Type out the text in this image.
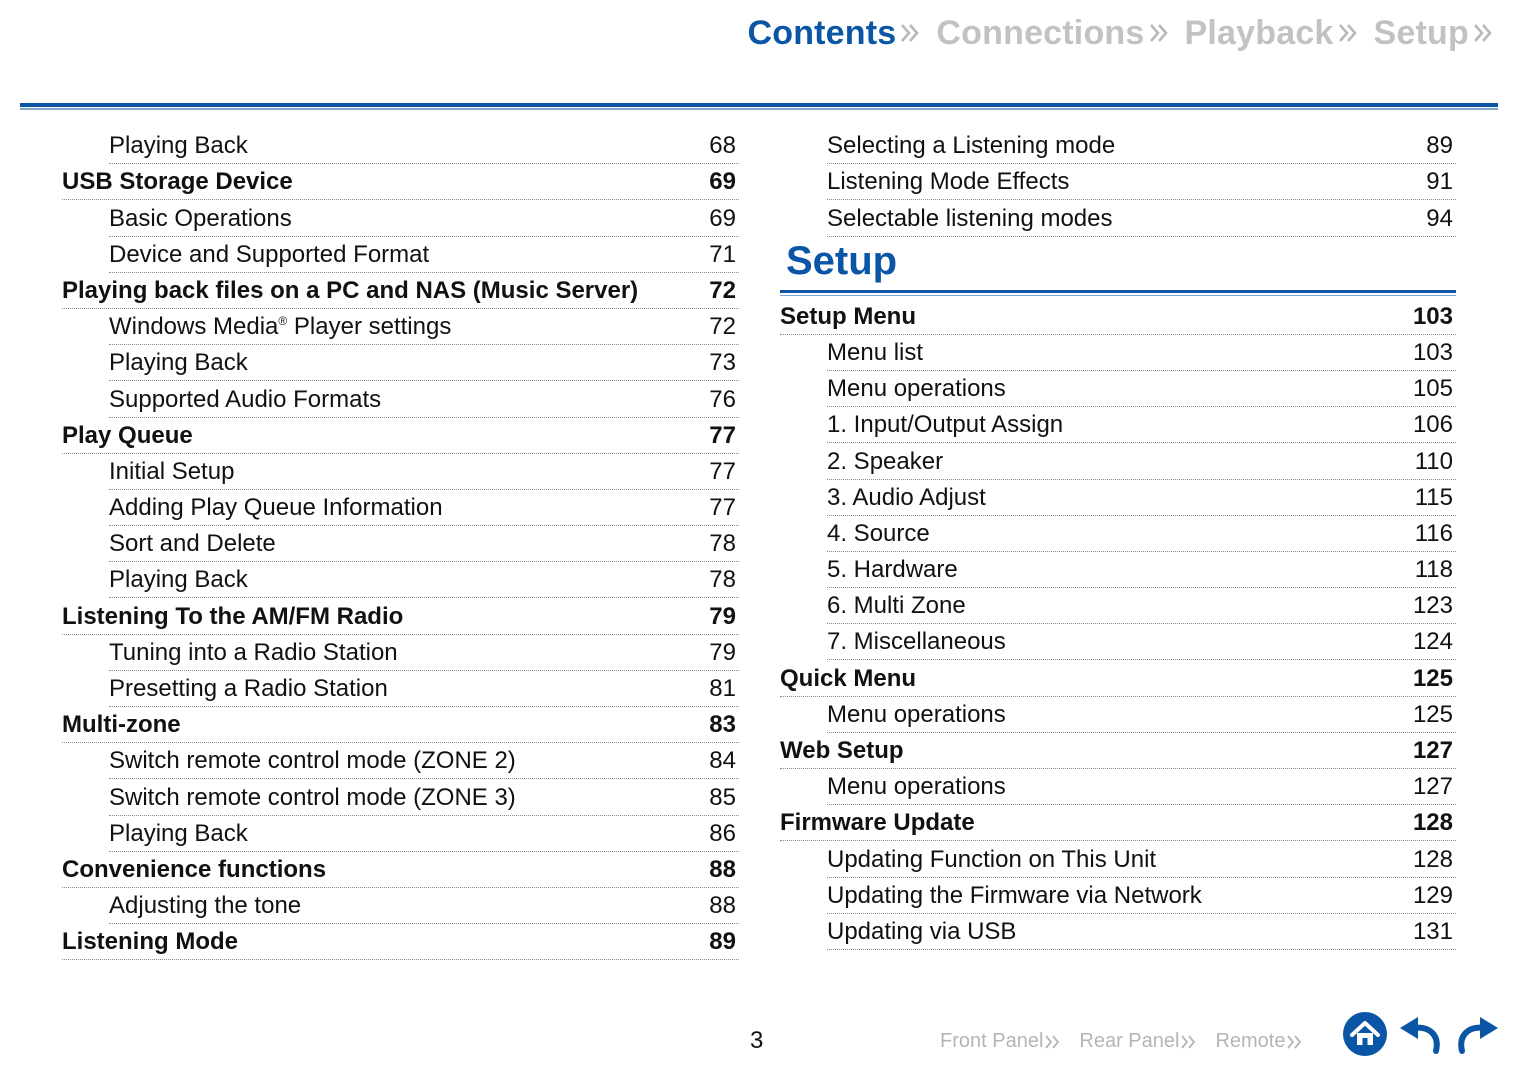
Contents Connections Playback Setup
Playing Back	68
USB Storage Device	69
Basic Operations	69
Device and Supported Format	71
Playing back files on a PC and NAS (Music Server)	72
Windows Media® Player settings	72
Playing Back	73
Supported Audio Formats	76
Play Queue	77
Initial Setup	77
Adding Play Queue Information	77
Sort and Delete	78
Playing Back	78
Listening To the AM/FM Radio	79
Tuning into a Radio Station	79
Presetting a Radio Station	81
Multi-zone	83
Switch remote control mode (ZONE 2)	84
Switch remote control mode (ZONE 3)	85
Playing Back	86
Convenience functions	88
Adjusting the tone	88
Listening Mode	89
Selecting a Listening mode	89
Listening Mode Effects	91
Selectable listening modes	94
Setup
Setup Menu	103
Menu list	103
Menu operations	105
1. Input/Output Assign	106
2. Speaker	110
3. Audio Adjust	115
4. Source	116
5. Hardware	118
6. Multi Zone	123
7. Miscellaneous	124
Quick Menu	125
Menu operations	125
Web Setup	127
Menu operations	127
Firmware Update	128
Updating Function on This Unit	128
Updating the Firmware via Network	129
Updating via USB	131
3	Front Panel Rear Panel Remote
